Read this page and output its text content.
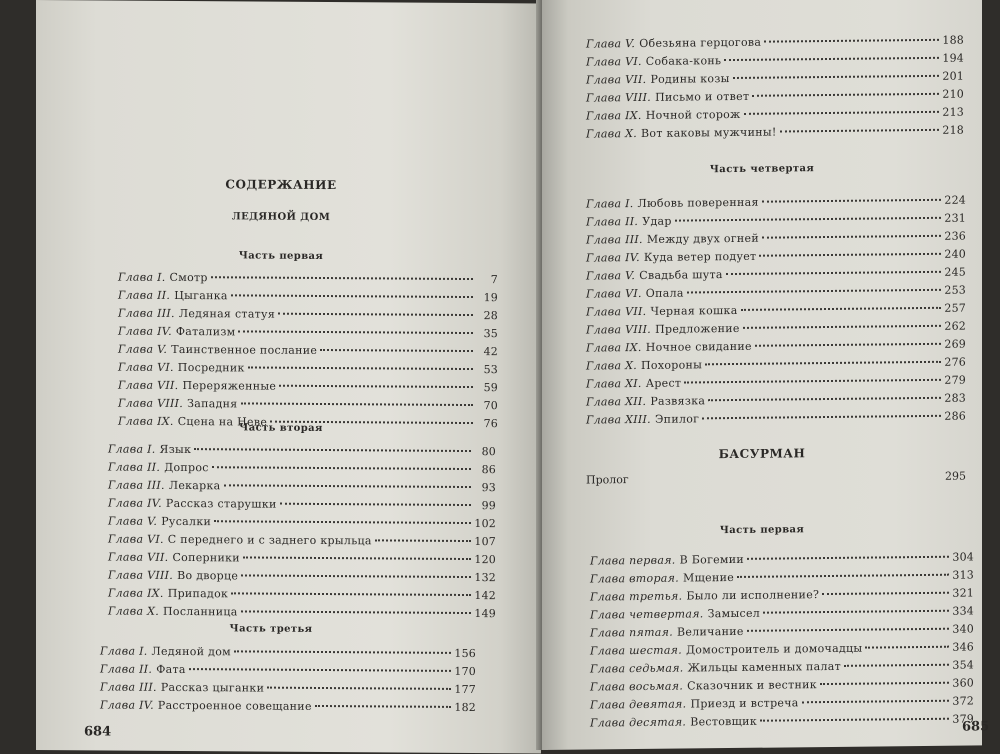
СОДЕРЖАНИЕ
ЛЕДЯНОЙ ДОМ
Часть первая
Глава I. Смотр	7
Глава II. Цыганка	19
Глава III. Ледяная статуя	28
Глава IV. Фатализм	35
Глава V. Таинственное послание	42
Глава VI. Посредник	53
Глава VII. Переряженные	59
Глава VIII. Западня	70
Глава IX. Сцена на Неве	76
Часть вторая
Глава I. Язык	80
Глава II. Допрос	86
Глава III. Лекарка	93
Глава IV. Рассказ старушки	99
Глава V. Русалки	102
Глава VI. С переднего и с заднего крыльца	107
Глава VII. Соперники	120
Глава VIII. Во дворце	132
Глава IX. Припадок	142
Глава X. Посланница	149
Часть третья
Глава I. Ледяной дом	156
Глава II. Фата	170
Глава III. Рассказ цыганки	177
Глава IV. Расстроенное совещание	182
684
Глава V. Обезьяна герцогова	188
Глава VI. Собака-конь	194
Глава VII. Родины козы	201
Глава VIII. Письмо и ответ	210
Глава IX. Ночной сторож	213
Глава X. Вот каковы мужчины!	218
Часть четвертая
Глава I. Любовь поверенная	224
Глава II. Удар	231
Глава III. Между двух огней	236
Глава IV. Куда ветер подует	240
Глава V. Свадьба шута	245
Глава VI. Опала	253
Глава VII. Черная кошка	257
Глава VIII. Предложение	262
Глава IX. Ночное свидание	269
Глава X. Похороны	276
Глава XI. Арест	279
Глава XII. Развязка	283
Глава XIII. Эпилог	286
БАСУРМАН
Пролог	295
Часть первая
Глава первая. В Богемии	304
Глава вторая. Мщение	313
Глава третья. Было ли исполнение?	321
Глава четвертая. Замысел	334
Глава пятая. Величание	340
Глава шестая. Домостроитель и домочадцы	346
Глава седьмая. Жильцы каменных палат	354
Глава восьмая. Сказочник и вестник	360
Глава девятая. Приезд и встреча	372
Глава десятая. Вестовщик	379
685
